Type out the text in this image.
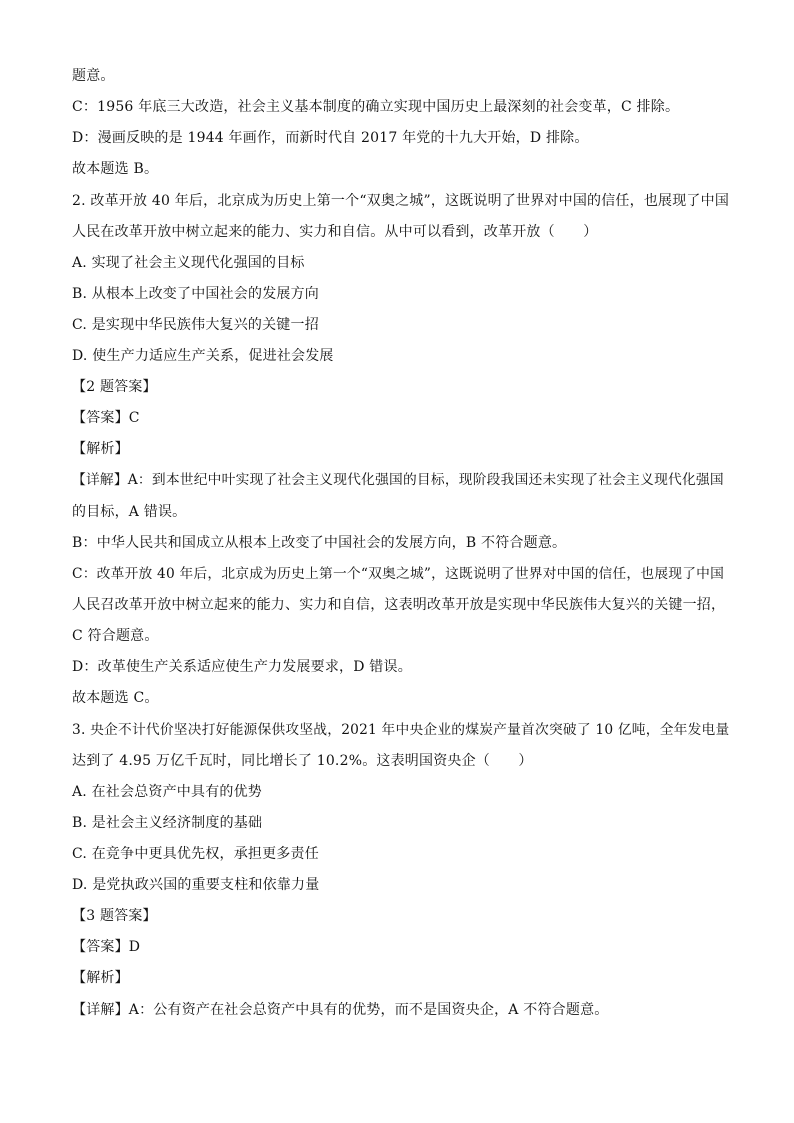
题意。
C：1956 年底三大改造，社会主义基本制度的确立实现中国历史上最深刻的社会变革，C 排除。
D：漫画反映的是 1944 年画作，而新时代自 2017 年党的十九大开始，D 排除。
故本题选 B。
2. 改革开放 40 年后，北京成为历史上第一个“双奥之城”，这既说明了世界对中国的信任，也展现了中国
人民在改革开放中树立起来的能力、实力和自信。从中可以看到，改革开放（　　）
A. 实现了社会主义现代化强国的目标
B. 从根本上改变了中国社会的发展方向
C. 是实现中华民族伟大复兴的关键一招
D. 使生产力适应生产关系，促进社会发展
【2 题答案】
【答案】C
【解析】
【详解】A：到本世纪中叶实现了社会主义现代化强国的目标，现阶段我国还未实现了社会主义现代化强国
的目标，A 错误。
B：中华人民共和国成立从根本上改变了中国社会的发展方向，B 不符合题意。
C：改革开放 40 年后，北京成为历史上第一个“双奥之城”，这既说明了世界对中国的信任，也展现了中国
人民召改革开放中树立起来的能力、实力和自信，这表明改革开放是实现中华民族伟大复兴的关键一招，
C 符合题意。
D：改革使生产关系适应使生产力发展要求，D 错误。
故本题选 C。
3. 央企不计代价坚决打好能源保供攻坚战，2021 年中央企业的煤炭产量首次突破了 10 亿吨，全年发电量
达到了 4.95 万亿千瓦时，同比增长了 10.2%。这表明国资央企（　　）
A. 在社会总资产中具有的优势
B. 是社会主义经济制度的基础
C. 在竞争中更具优先权，承担更多责任
D. 是党执政兴国的重要支柱和依靠力量
【3 题答案】
【答案】D
【解析】
【详解】A：公有资产在社会总资产中具有的优势，而不是国资央企，A 不符合题意。
